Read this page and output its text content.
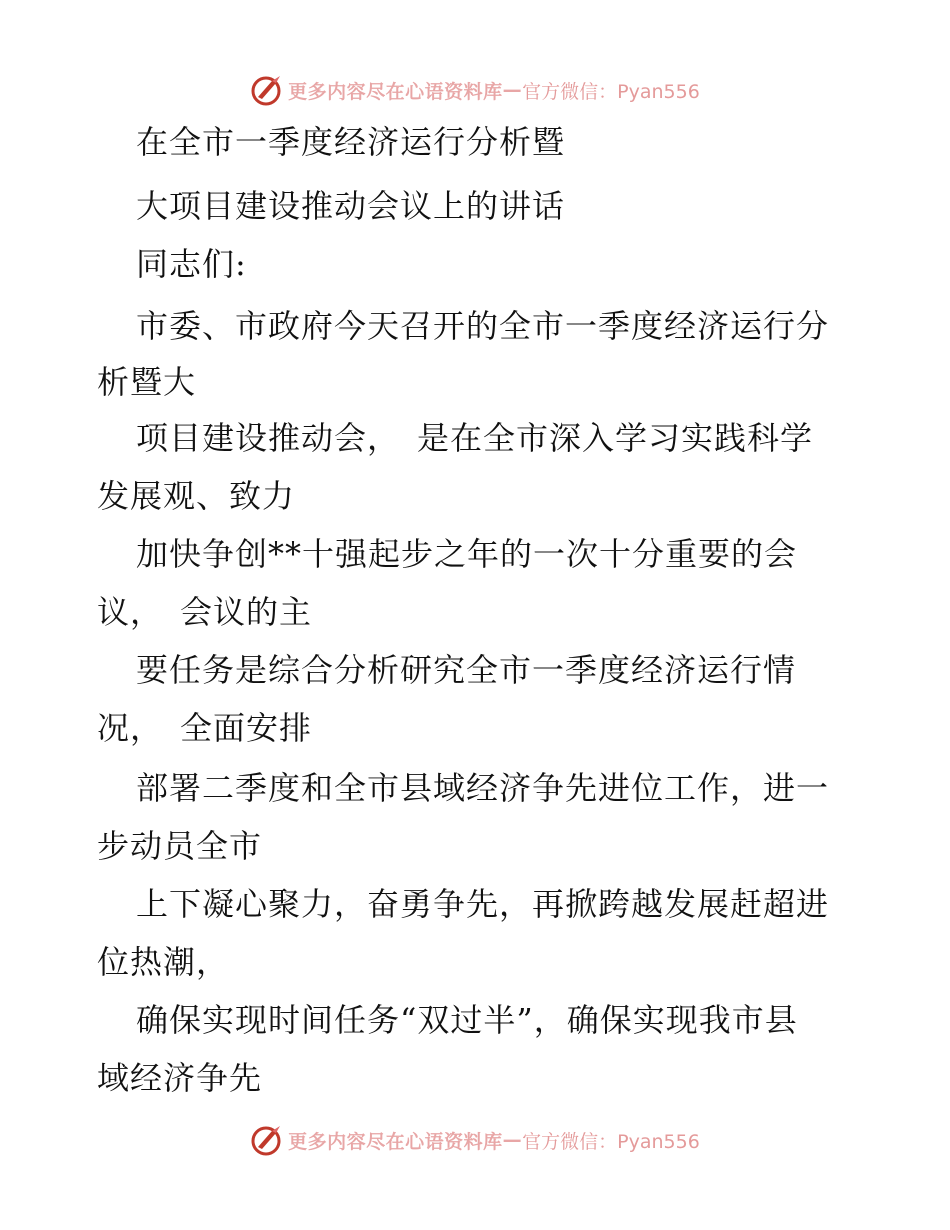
更多内容尽在心语资料库 — 官方微信：Pyan556
在全市一季度经济运行分析暨
大项目建设推动会议上的讲话
同志们:
市委、市政府今天召开的全市一季度经济运行分
析暨大
项目建设推动会，　是在全市深入学习实践科学
发展观、致力
加快争创**十强起步之年的一次十分重要的会
议，　会议的主
要任务是综合分析研究全市一季度经济运行情
况，　全面安排
部署二季度和全市县域经济争先进位工作，进一
步动员全市
上下凝心聚力，奋勇争先，再掀跨越发展赶超进
位热潮，
确保实现时间任务“双过半”，确保实现我市县
域经济争先
更多内容尽在心语资料库 — 官方微信：Pyan556
